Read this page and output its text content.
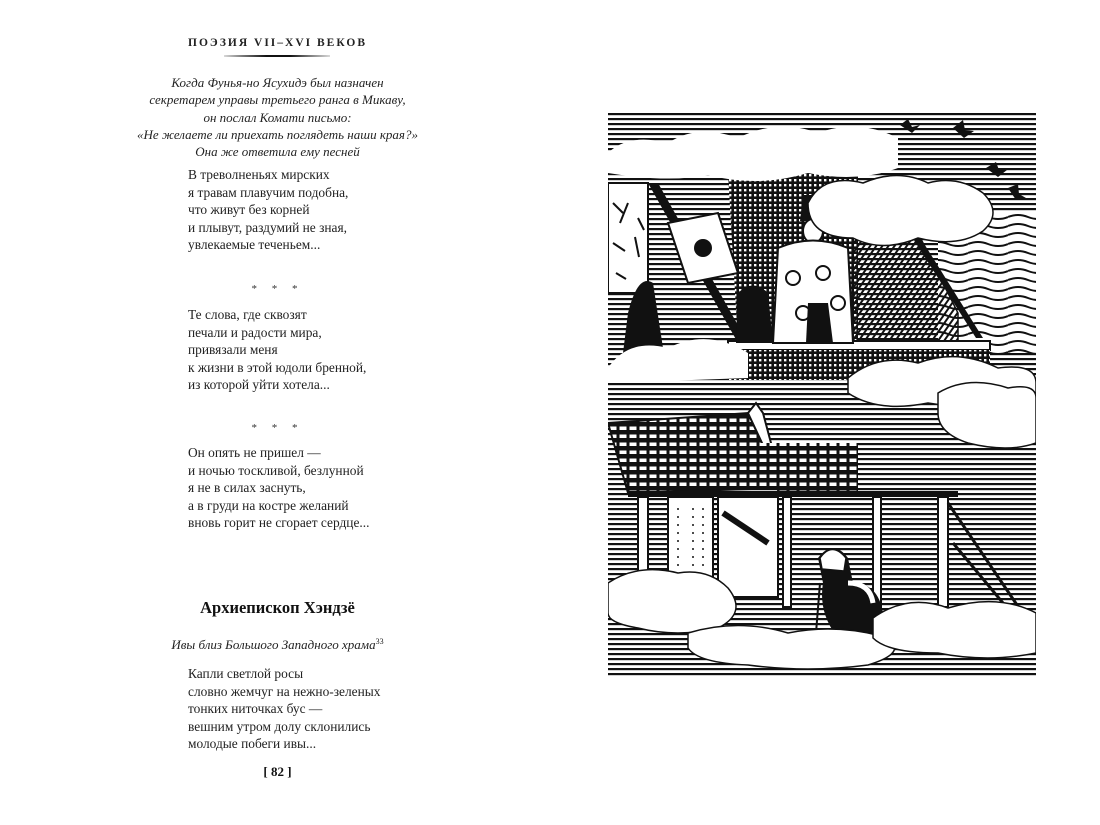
ПОЭЗИЯ VII–XVI ВЕКОВ
Когда Фунья-но Ясухидэ был назначен
секретарем управы третьего ранга в Микаву,
он послал Комати письмо:
«Не желаете ли приехать поглядеть наши края?»
Она же ответила ему песней
В треволненьях мирских
я травам плавучим подобна,
что живут без корней
и плывут, раздумий не зная,
увлекаемые теченьем...
* * *
Те слова, где сквозят
печали и радости мира,
привязали меня
к жизни в этой юдоли бренной,
из которой уйти хотела...
* * *
Он опять не пришел —
и ночью тоскливой, безлунной
я не в силах заснуть,
а в груди на костре желаний
вновь горит не сгорает сердце...
Архиепископ Хэндзё
Ивы близ Большого Западного храма$^{33}$
Капли светлой росы
словно жемчуг на нежно-зеленых
тонких ниточках бус —
вешним утром долу склонились
молодые побеги ивы...
[ 82 ]
